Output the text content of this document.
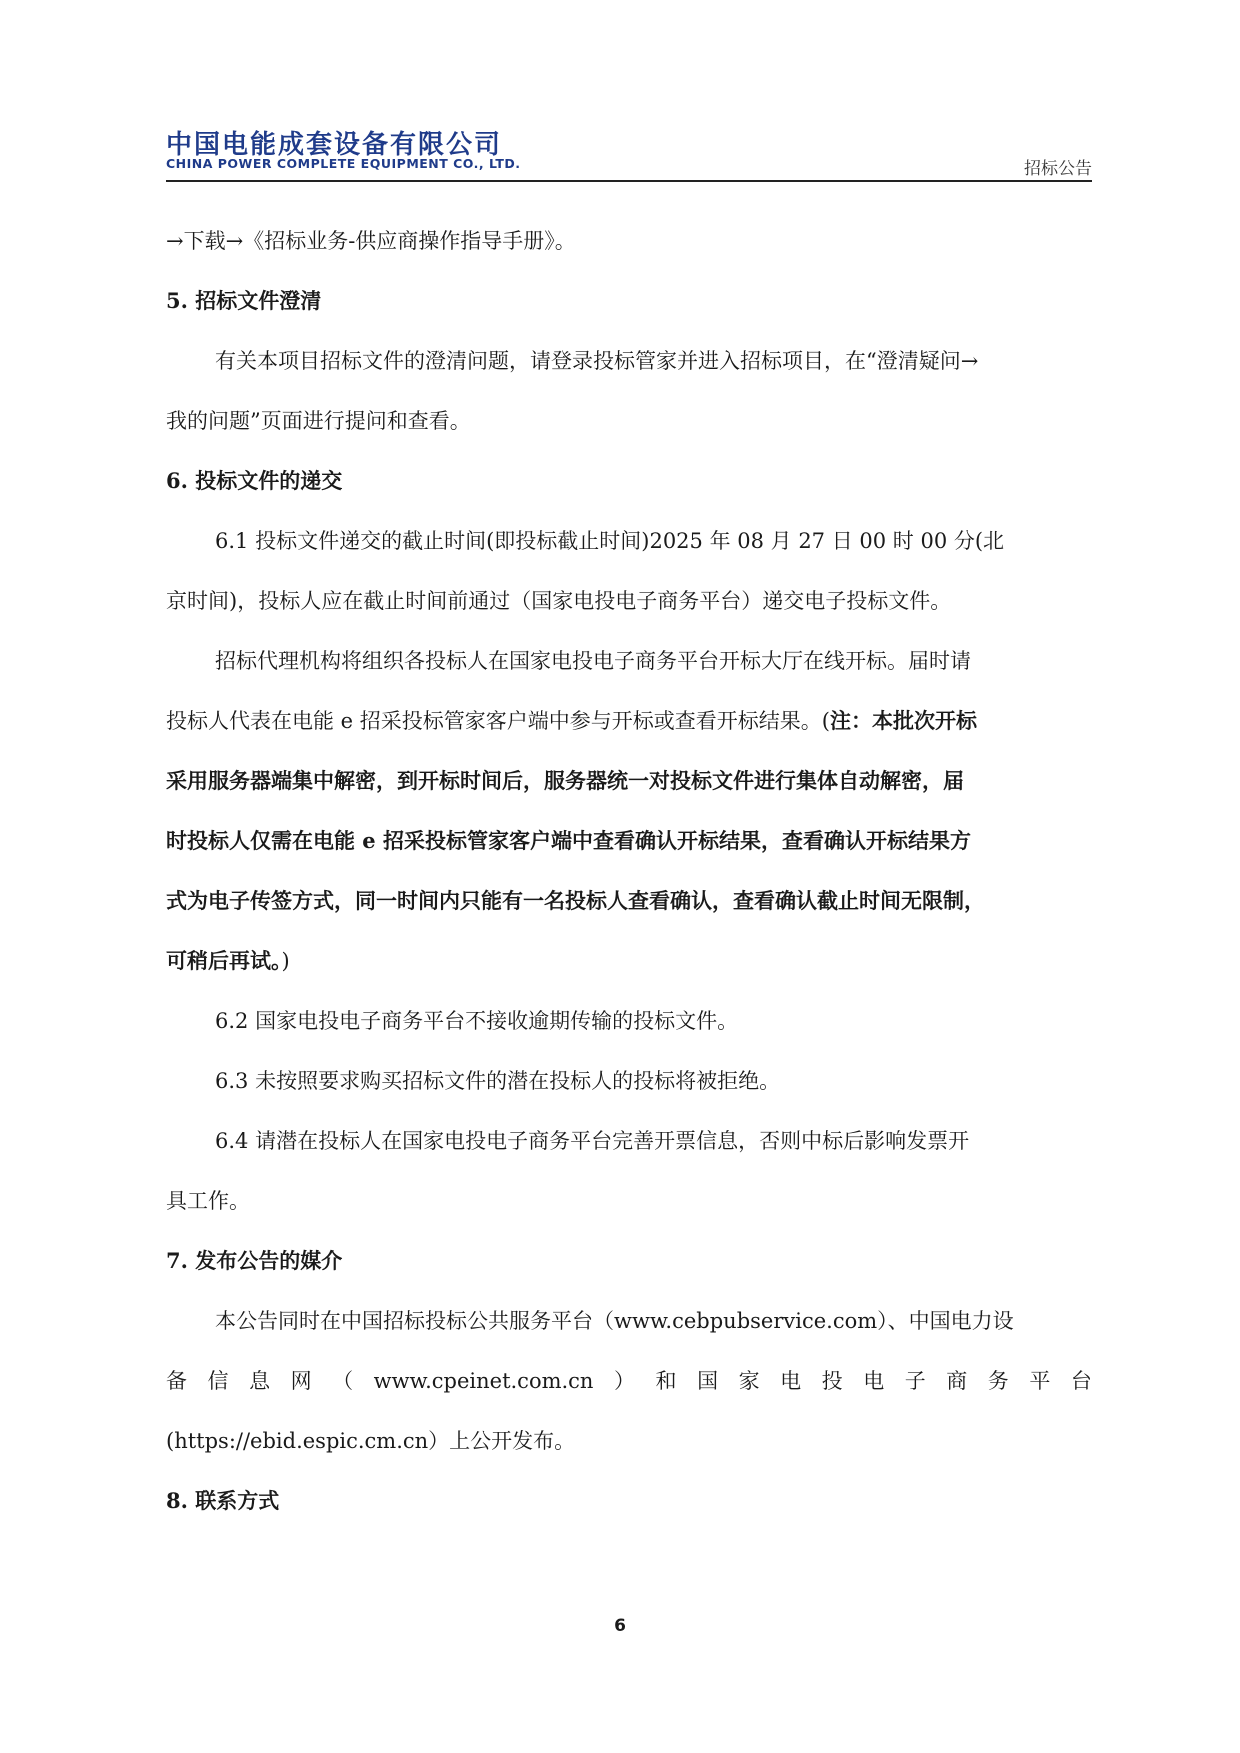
中国电能成套设备有限公司
CHINA POWER COMPLETE EQUIPMENT CO., LTD.	招标公告
→下载→《招标业务-供应商操作指导手册》。
5. 招标文件澄清
有关本项目招标文件的澄清问题，请登录投标管家并进入招标项目，在“澄清疑问→
我的问题”页面进行提问和查看。
6. 投标文件的递交
6.1 投标文件递交的截止时间(即投标截止时间)2025 年 08 月 27 日 00 时 00 分(北
京时间)，投标人应在截止时间前通过（国家电投电子商务平台）递交电子投标文件。
招标代理机构将组织各投标人在国家电投电子商务平台开标大厅在线开标。届时请
投标人代表在电能 e 招采投标管家客户端中参与开标或查看开标结果。(注：本批次开标
采用服务器端集中解密，到开标时间后，服务器统一对投标文件进行集体自动解密，届
时投标人仅需在电能 e 招采投标管家客户端中查看确认开标结果，查看确认开标结果方
式为电子传签方式，同一时间内只能有一名投标人查看确认，查看确认截止时间无限制，
可稍后再试。)
6.2 国家电投电子商务平台不接收逾期传输的投标文件。
6.3 未按照要求购买招标文件的潜在投标人的投标将被拒绝。
6.4 请潜在投标人在国家电投电子商务平台完善开票信息，否则中标后影响发票开
具工作。
7. 发布公告的媒介
本公告同时在中国招标投标公共服务平台（www.cebpubservice.com）、中国电力设
备 信 息 网 （ www.cpeinet.com.cn ） 和 国 家 电 投 电 子 商 务 平 台
(https://ebid.espic.cm.cn）上公开发布。
8. 联系方式
6
